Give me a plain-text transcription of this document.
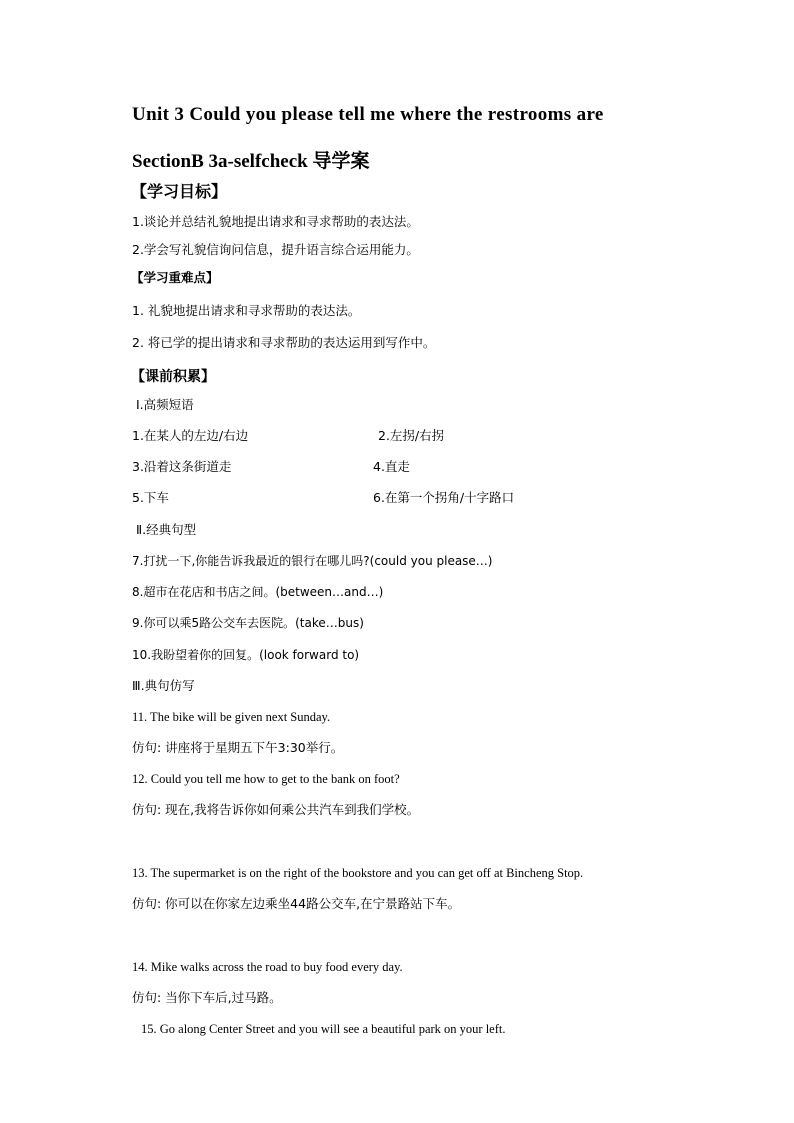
Unit 3 Could you please tell me where the restrooms are
SectionB 3a-selfcheck 导学案
【学习目标】
1.谈论并总结礼貌地提出请求和寻求帮助的表达法。
2.学会写礼貌信询问信息，提升语言综合运用能力。
【学习重难点】
1. 礼貌地提出请求和寻求帮助的表达法。
2. 将已学的提出请求和寻求帮助的表达运用到写作中。
【课前积累】
Ⅰ.高频短语
1.在某人的左边/右边	2.左拐/右拐
3.沿着这条街道走	4.直走
5.下车	6.在第一个拐角/十字路口
Ⅱ.经典句型
7.打扰一下,你能告诉我最近的银行在哪儿吗?(could you please…)
8.超市在花店和书店之间。(between…and…)
9.你可以乘5路公交车去医院。(take…bus)
10.我盼望着你的回复。(look forward to)
Ⅲ.典句仿写
11. The bike will be given next Sunday.
仿句: 讲座将于星期五下午3:30举行。
12. Could you tell me how to get to the bank on foot?
仿句: 现在,我将告诉你如何乘公共汽车到我们学校。
13. The supermarket is on the right of the bookstore and you can get off at Bincheng Stop.
仿句: 你可以在你家左边乘坐44路公交车,在宁景路站下车。
14. Mike walks across the road to buy food every day.
仿句: 当你下车后,过马路。
15. Go along Center Street and you will see a beautiful park on your left.
